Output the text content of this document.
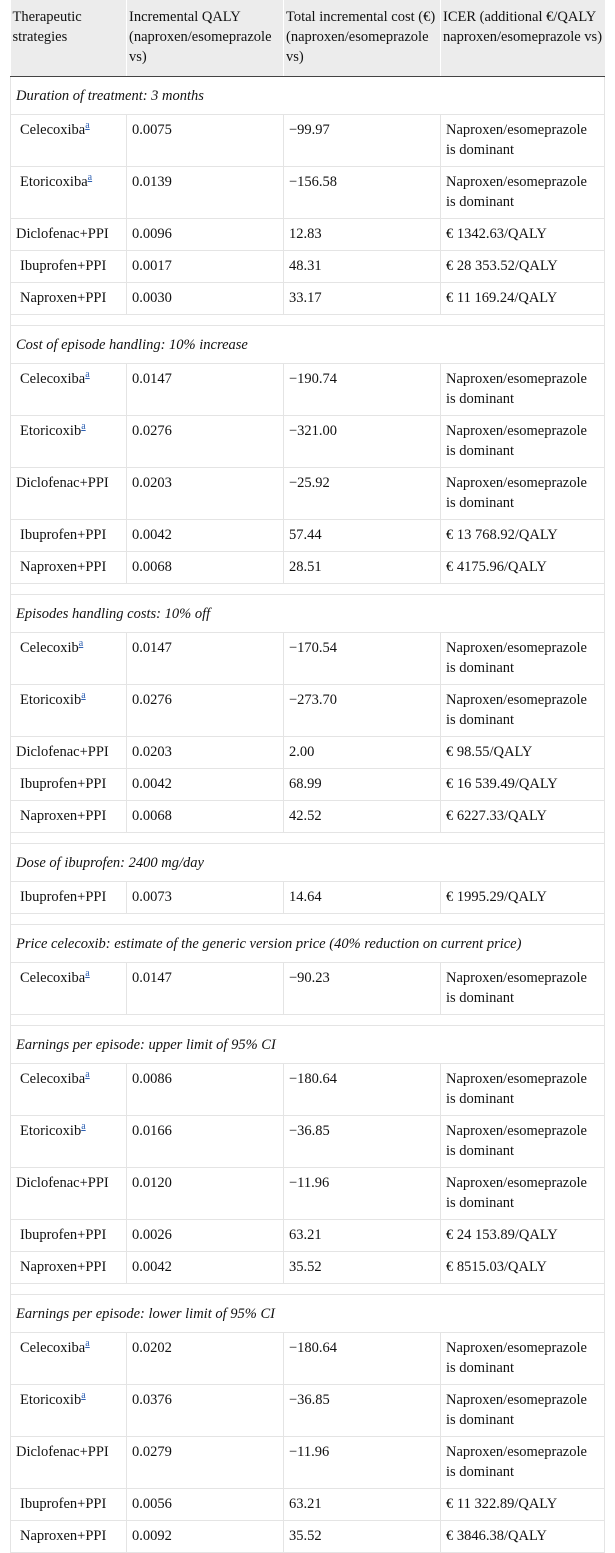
Therapeutic strategies	Incremental QALY (naproxen/esomeprazole vs)	Total incremental cost (€) (naproxen/esomeprazole vs)	ICER (additional €/QALY naproxen/esomeprazole vs)
Duration of treatment: 3 months			
Celecoxiba$^a$	0.0075	−99.97	Naproxen/esomeprazole is dominant
Etoricoxiba$^a$	0.0139	−156.58	Naproxen/esomeprazole is dominant
Diclofenac+PPI	0.0096	12.83	€ 1342.63/QALY
Ibuprofen+PPI	0.0017	48.31	€ 28 353.52/QALY
Naproxen+PPI	0.0030	33.17	€ 11 169.24/QALY

Cost of episode handling: 10% increase			
Celecoxiba$^a$	0.0147	−190.74	Naproxen/esomeprazole is dominant
Etoricoxib$^a$	0.0276	−321.00	Naproxen/esomeprazole is dominant
Diclofenac+PPI	0.0203	−25.92	Naproxen/esomeprazole is dominant
Ibuprofen+PPI	0.0042	57.44	€ 13 768.92/QALY
Naproxen+PPI	0.0068	28.51	€ 4175.96/QALY

Episodes handling costs: 10% off			
Celecoxib$^a$	0.0147	−170.54	Naproxen/esomeprazole is dominant
Etoricoxib$^a$	0.0276	−273.70	Naproxen/esomeprazole is dominant
Diclofenac+PPI	0.0203	2.00	€ 98.55/QALY
Ibuprofen+PPI	0.0042	68.99	€ 16 539.49/QALY
Naproxen+PPI	0.0068	42.52	€ 6227.33/QALY

Dose of ibuprofen: 2400 mg/day			
Ibuprofen+PPI	0.0073	14.64	€ 1995.29/QALY

Price celecoxib: estimate of the generic version price (40% reduction on current price)			
Celecoxiba$^a$	0.0147	−90.23	Naproxen/esomeprazole is dominant

Earnings per episode: upper limit of 95% CI			
Celecoxiba$^a$	0.0086	−180.64	Naproxen/esomeprazole is dominant
Etoricoxib$^a$	0.0166	−36.85	Naproxen/esomeprazole is dominant
Diclofenac+PPI	0.0120	−11.96	Naproxen/esomeprazole is dominant
Ibuprofen+PPI	0.0026	63.21	€ 24 153.89/QALY
Naproxen+PPI	0.0042	35.52	€ 8515.03/QALY

Earnings per episode: lower limit of 95% CI			
Celecoxiba$^a$	0.0202	−180.64	Naproxen/esomeprazole is dominant
Etoricoxib$^a$	0.0376	−36.85	Naproxen/esomeprazole is dominant
Diclofenac+PPI	0.0279	−11.96	Naproxen/esomeprazole is dominant
Ibuprofen+PPI	0.0056	63.21	€ 11 322.89/QALY
Naproxen+PPI	0.0092	35.52	€ 3846.38/QALY
